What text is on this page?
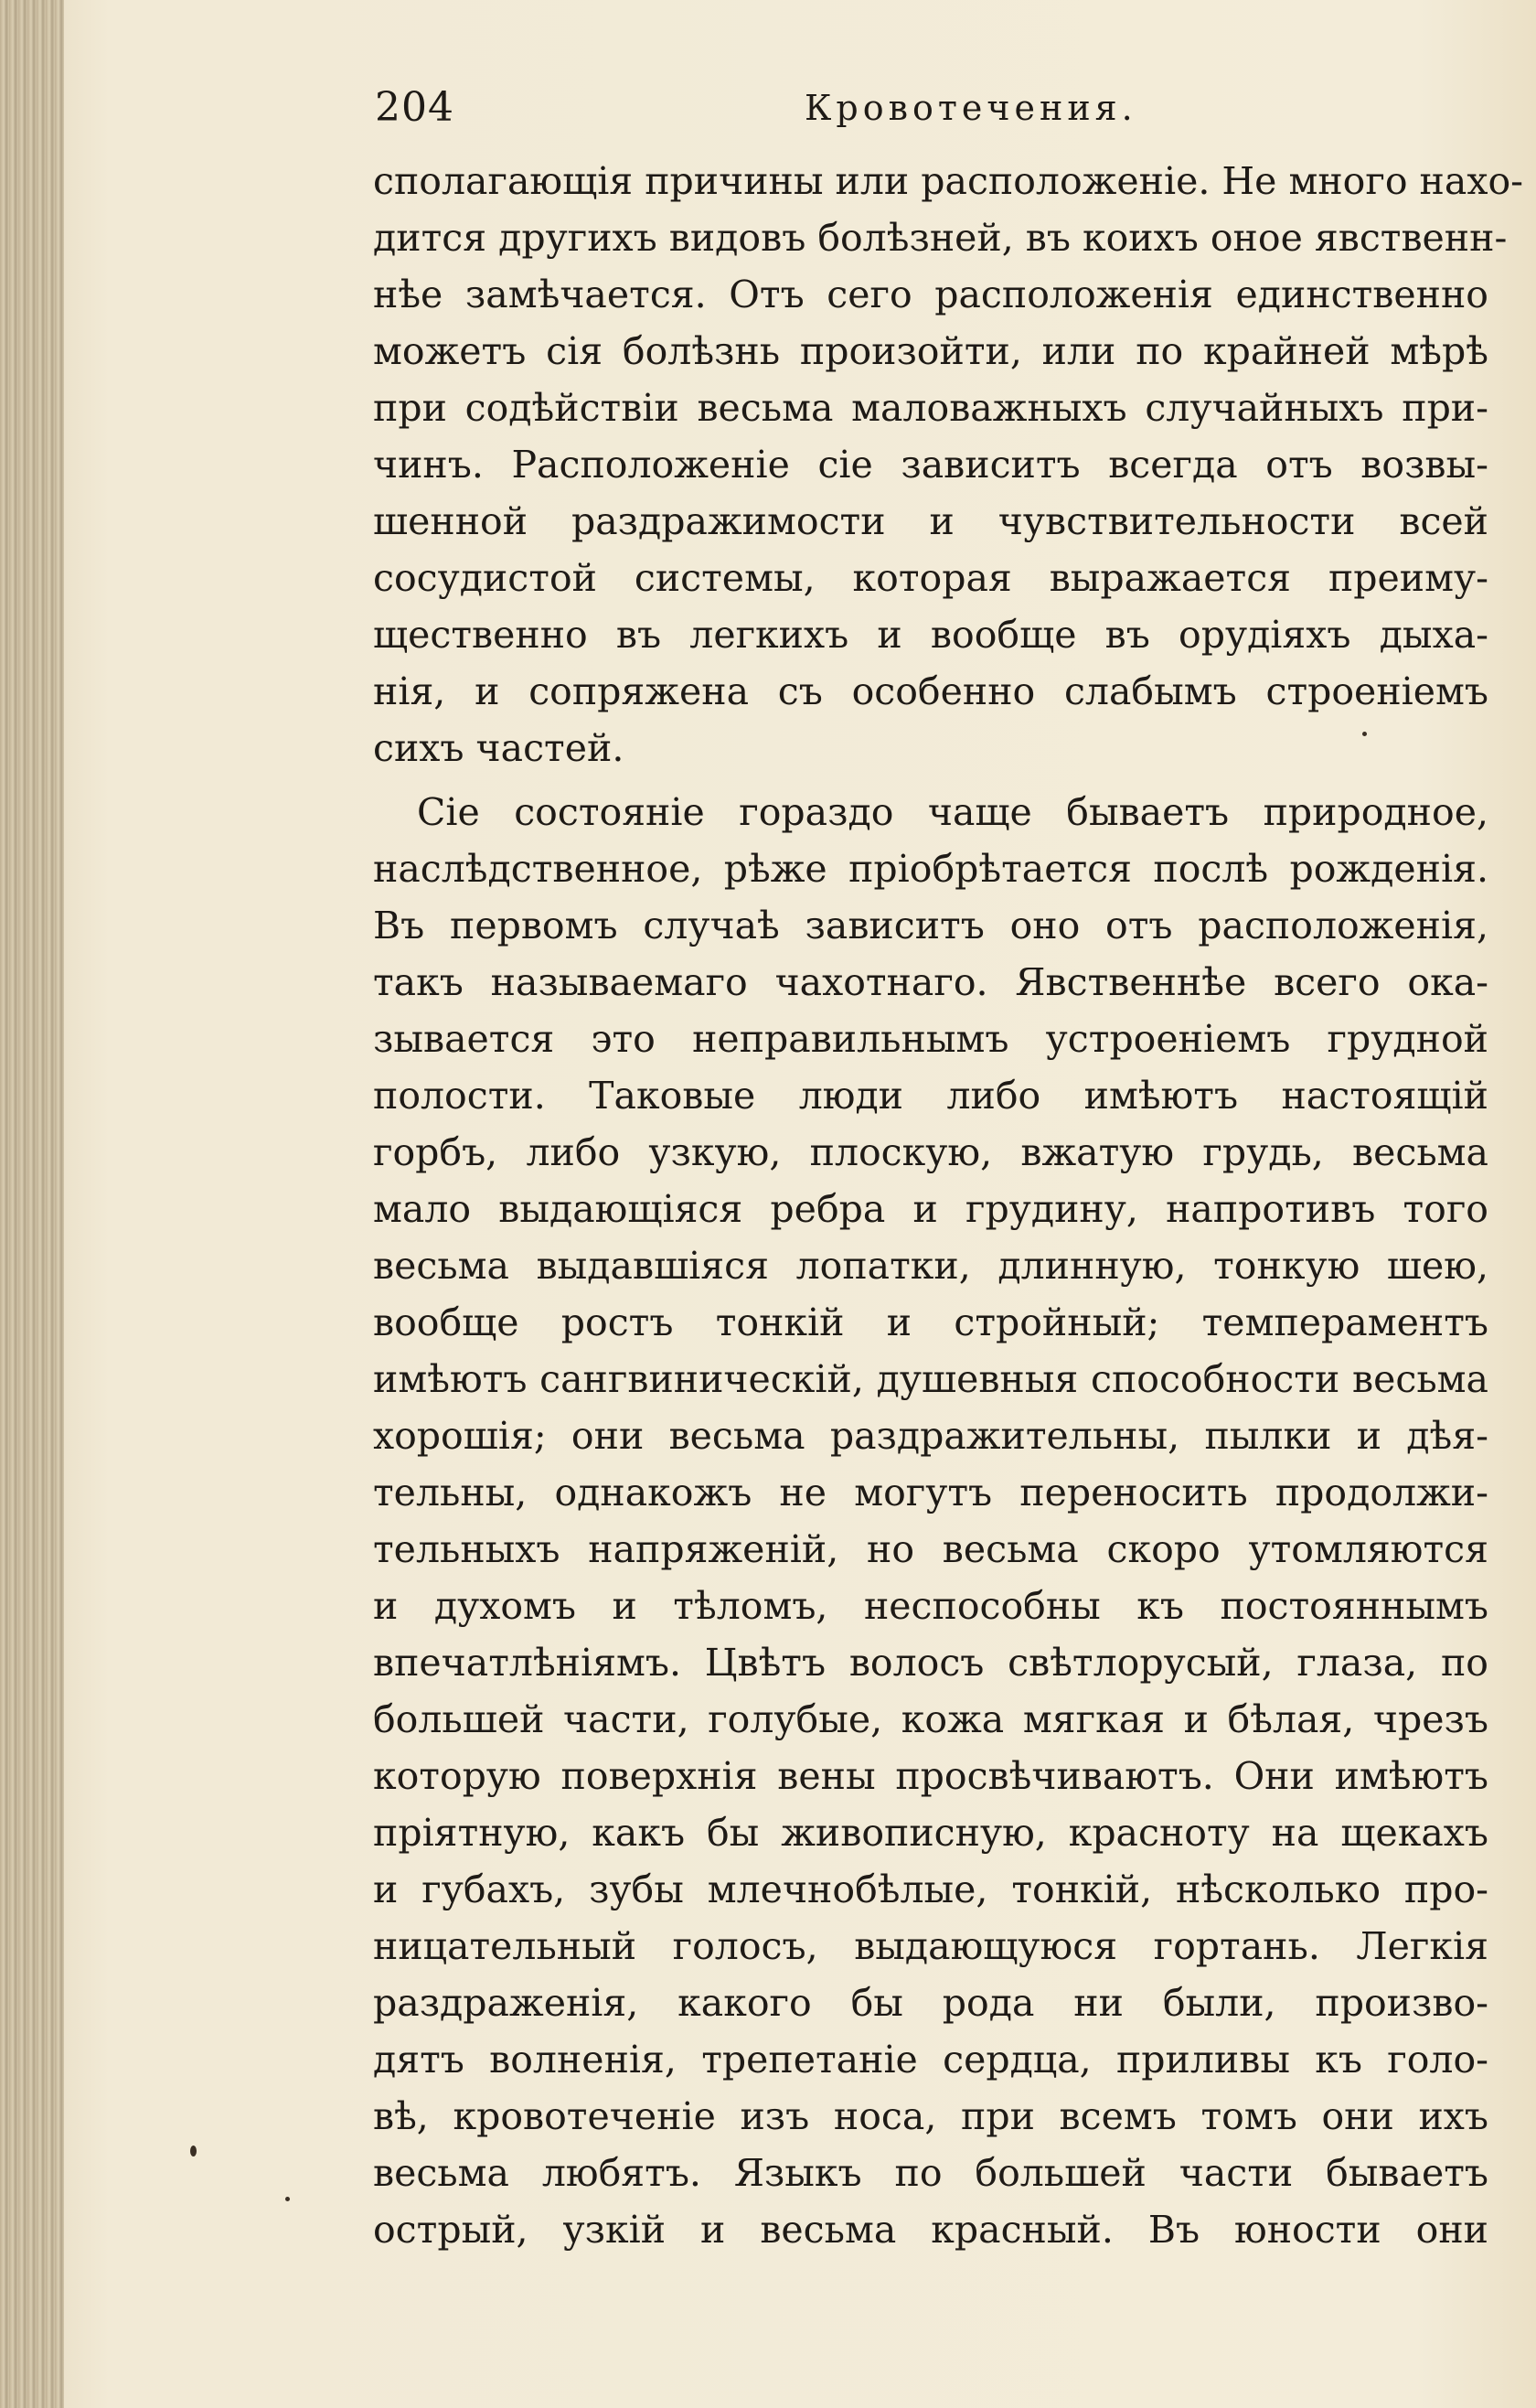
204	Кровотечения.
сполагающія причины или расположеніе. Не много нахо-
дится другихъ видовъ болѣзней, въ коихъ оное явственн-
нѣе замѣчается. Отъ сего расположенія единственно
можетъ сія болѣзнь произойти, или по крайней мѣрѣ
при содѣйствіи весьма маловажныхъ случайныхъ при-
чинъ. Расположеніе сіе зависитъ всегда отъ возвы-
шенной раздражимости и чувствительности всей
сосудистой системы, которая выражается преиму-
щественно въ легкихъ и вообще въ орудіяхъ дыха-
нія, и сопряжена съ особенно слабымъ строеніемъ
сихъ частей.
Сіе состояніе гораздо чаще бываетъ природное,
наслѣдственное, рѣже пріобрѣтается послѣ рожденія.
Въ первомъ случаѣ зависитъ оно отъ расположенія,
такъ называемаго чахотнаго. Явственнѣе всего ока-
зывается это неправильнымъ устроеніемъ грудной
полости. Таковые люди либо имѣютъ настоящій
горбъ, либо узкую, плоскую, вжатую грудь, весьма
мало выдающіяся ребра и грудину, напротивъ того
весьма выдавшіяся лопатки, длинную, тонкую шею,
вообще ростъ тонкій и стройный; темпераментъ
имѣютъ сангвиническій, душевныя способности весьма
хорошія; они весьма раздражительны, пылки и дѣя-
тельны, однакожъ не могутъ переносить продолжи-
тельныхъ напряженій, но весьма скоро утомляются
и духомъ и тѣломъ, неспособны къ постояннымъ
впечатлѣніямъ. Цвѣтъ волосъ свѣтлорусый, глаза, по
большей части, голубые, кожа мягкая и бѣлая, чрезъ
которую поверхнія вены просвѣчиваютъ. Они имѣютъ
пріятную, какъ бы живописную, красноту на щекахъ
и губахъ, зубы млечнобѣлые, тонкій, нѣсколько про-
ницательный голосъ, выдающуюся гортань. Легкія
раздраженія, какого бы рода ни были, произво-
дятъ волненія, трепетаніе сердца, приливы къ голо-
вѣ, кровотеченіе изъ носа, при всемъ томъ они ихъ
весьма любятъ. Языкъ по большей части бываетъ
острый, узкій и весьма красный. Въ юности они
